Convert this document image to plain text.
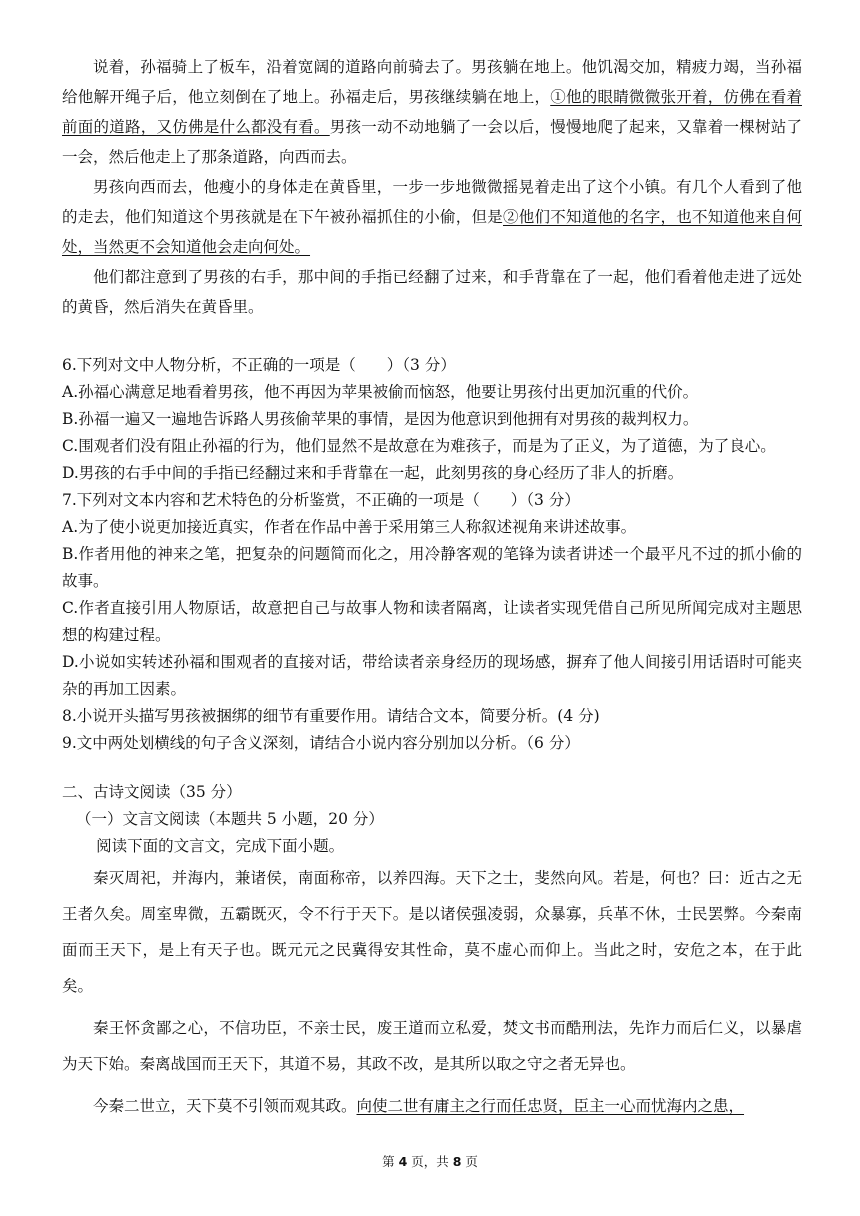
说着，孙福骑上了板车，沿着宽阔的道路向前骑去了。男孩躺在地上。他饥渴交加，精疲力竭，当孙福给他解开绳子后，他立刻倒在了地上。孙福走后，男孩继续躺在地上，①他的眼睛微微张开着，仿佛在看着前面的道路，又仿佛是什么都没有看。男孩一动不动地躺了一会以后，慢慢地爬了起来，又靠着一棵树站了一会，然后他走上了那条道路，向西而去。

男孩向西而去，他瘦小的身体走在黄昏里，一步一步地微微摇晃着走出了这个小镇。有几个人看到了他的走去，他们知道这个男孩就是在下午被孙福抓住的小偷，但是②他们不知道他的名字，也不知道他来自何处，当然更不会知道他会走向何处。

他们都注意到了男孩的右手，那中间的手指已经翻了过来，和手背靠在了一起，他们看着他走进了远处的黄昏，然后消失在黄昏里。

6.下列对文中人物分析，不正确的一项是（　　）（3 分）

A.孙福心满意足地看着男孩，他不再因为苹果被偷而恼怒，他要让男孩付出更加沉重的代价。

B.孙福一遍又一遍地告诉路人男孩偷苹果的事情，是因为他意识到他拥有对男孩的裁判权力。

C.围观者们没有阻止孙福的行为，他们显然不是故意在为难孩子，而是为了正义，为了道德，为了良心。

D.男孩的右手中间的手指已经翻过来和手背靠在一起，此刻男孩的身心经历了非人的折磨。

7.下列对文本内容和艺术特色的分析鉴赏，不正确的一项是（　　）（3 分）

A.为了使小说更加接近真实，作者在作品中善于采用第三人称叙述视角来讲述故事。

B.作者用他的神来之笔，把复杂的问题简而化之，用冷静客观的笔锋为读者讲述一个最平凡不过的抓小偷的故事。

C.作者直接引用人物原话，故意把自己与故事人物和读者隔离，让读者实现凭借自己所见所闻完成对主题思想的构建过程。

D.小说如实转述孙福和围观者的直接对话，带给读者亲身经历的现场感，摒弃了他人间接引用话语时可能夹杂的再加工因素。

8.小说开头描写男孩被捆绑的细节有重要作用。请结合文本，简要分析。(4 分)

9.文中两处划横线的句子含义深刻，请结合小说内容分别加以分析。（6 分）

二、古诗文阅读（35 分）

（一）文言文阅读（本题共 5 小题，20 分）

阅读下面的文言文，完成下面小题。

秦灭周祀，并海内，兼诸侯，南面称帝，以养四海。天下之士，斐然向风。若是，何也？曰：近古之无王者久矣。周室卑微，五霸既灭，令不行于天下。是以诸侯强凌弱，众暴寡，兵革不休，士民罢弊。今秦南面而王天下，是上有天子也。既元元之民冀得安其性命，莫不虚心而仰上。当此之时，安危之本，在于此矣。

秦王怀贪鄙之心，不信功臣，不亲士民，废王道而立私爱，焚文书而酷刑法，先诈力而后仁义，以暴虐为天下始。秦离战国而王天下，其道不易，其政不改，是其所以取之守之者无异也。

今秦二世立，天下莫不引领而观其政。向使二世有庸主之行而任忠贤，臣主一心而忧海内之患，

第 4 页，共 8 页
